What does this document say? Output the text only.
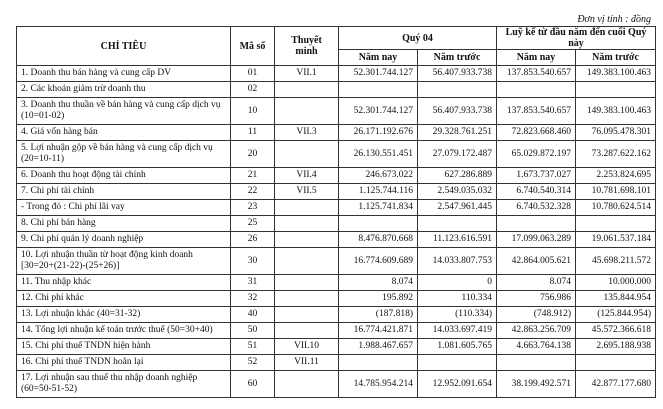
Đơn vị tính : đồng
CHỈ TIÊU	Mã số	Thuyết minh	Quý 04		Luỹ kế từ đầu năm đến cuối Quý này	
			Năm nay	Năm trước	Năm nay	Năm trước
1. Doanh thu bán hàng và cung cấp DV	01	VII.1	52.301.744.127	56.407.933.738	137.853.540.657	149.383.100.463
2. Các khoản giảm trừ doanh thu	02					
3. Doanh thu thuần về bán hàng và cung cấp dịch vụ (10=01-02)	10		52.301.744.127	56.407.933.738	137.853.540.657	149.383.100.463
4. Giá vốn hàng bán	11	VII.3	26.171.192.676	29.328.761.251	72.823.668.460	76.095.478.301
5. Lợi nhuận gộp về bán hàng và cung cấp dịch vụ (20=10-11)	20		26.130.551.451	27.079.172.487	65.029.872.197	73.287.622.162
6. Doanh thu hoạt động tài chính	21	VII.4	246.673.022	627.286.889	1.673.737.027	2.253.824.695
7. Chi phí tài chính	22	VII.5	1.125.744.116	2.549.035.032	6.740.540.314	10.781.698.101
- Trong đó : Chi phí lãi vay	23		1.125.741.834	2.547.961.445	6.740.532.328	10.780.624.514
8. Chi phí bán hàng	25					
9. Chi phí quản lý doanh nghiệp	26		8.476.870.668	11.123.616.591	17.099.063.289	19.061.537.184
10. Lợi nhuận thuần từ hoạt động kinh doanh [30=20+(21-22)-(25+26)]	30		16.774.609.689	14.033.807.753	42.864.005.621	45.698.211.572
11. Thu nhập khác	31		8.074	0	8.074	10.000.000
12. Chi phí khác	32		195.892	110.334	756.986	135.844.954
13. Lợi nhuận khác (40=31-32)	40		(187.818)	(110.334)	(748.912)	(125.844.954)
14. Tổng lợi nhuận kế toán trước thuế (50=30+40)	50		16.774.421.871	14.033.697.419	42.863.256.709	45.572.366.618
15. Chi phí thuế TNDN hiện hành	51	VII.10	1.988.467.657	1.081.605.765	4.663.764.138	2.695.188.938
16. Chi phí thuế TNDN hoãn lại	52	VII.11				
17. Lợi nhuận sau thuế thu nhập doanh nghiệp (60=50-51-52)	60		14.785.954.214	12.952.091.654	38.199.492.571	42.877.177.680
